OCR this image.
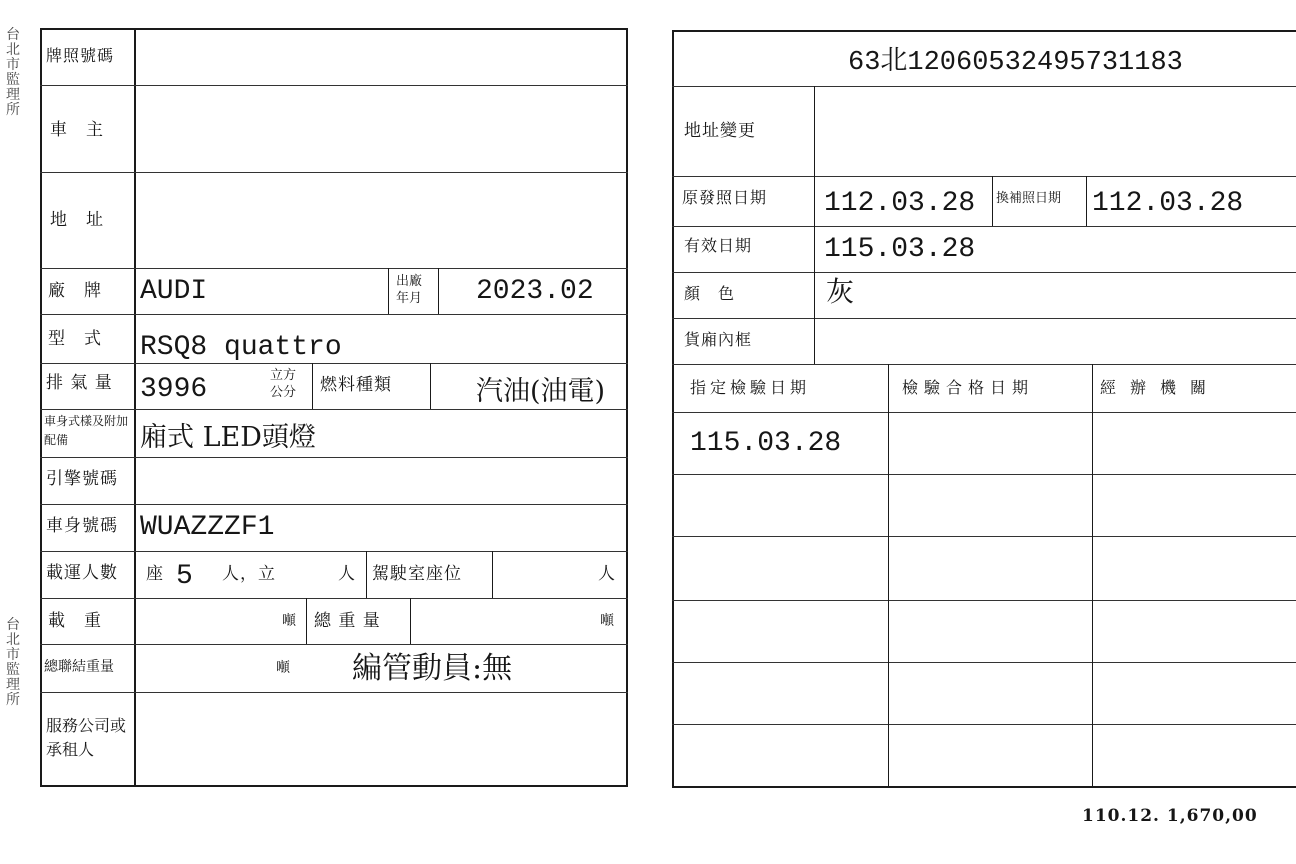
台北市監理所
台北市監理所
牌照號碼
車　主
地　址
廠　牌 AUDI	出廠年月	2023.02
型　式 RSQ8 quattro
排 氣 量 3996	立方公分	燃料種類	汽油(油電)
車身式樣及附加配備	廂式 LED頭燈
引擎號碼
車身號碼 WUAZZZF1
載運人數 座 5 人，立	人 駕駛室座位	人
載　重	噸 總 重 量	噸
總聯結重量	噸 編管動員:無
服務公司或承租人
63北12060532495731183
地址變更
原發照日期 112.03.28 換補照日期 112.03.28
有效日期	115.03.28
顏　色	灰
貨廂內框
指定檢驗日期	檢驗合格日期	經辦機關
115.03.28
110.12. 1,670,00
